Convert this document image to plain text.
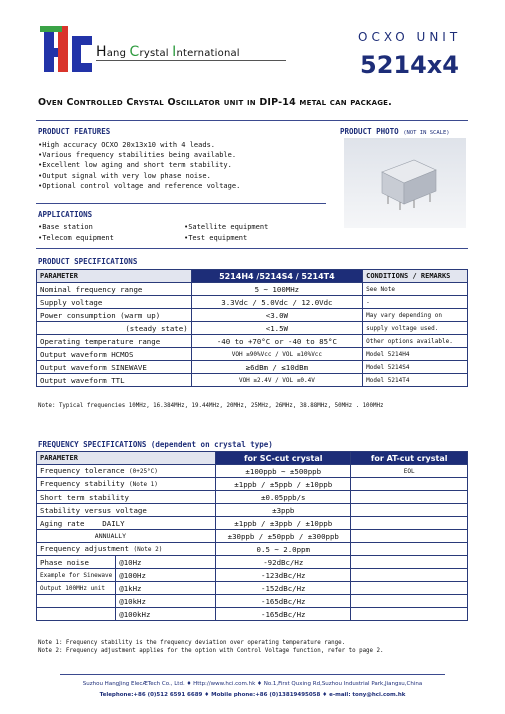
Hang Crystal International
OCXO UNIT
5214x4
Oven Controlled Crystal Oscillator unit in DIP-14 metal can package.
PRODUCT FEATURES	PRODUCT PHOTO (NOT IN SCALE)
• High accuracy OCXO 20x13x10 with 4 leads.
• Various frequency stabilities being available.
• Excellent low aging and short term stability.
• Output signal with very low phase noise.
• Optional control voltage and reference voltage.
APPLICATIONS
• Base station
• Telecom equipment
• Satellite equipment
• Test equipment
PRODUCT SPECIFICATIONS
PARAMETER	5214H4 /5214S4 / 5214T4	CONDITIONS / REMARKS
Nominal frequency range	5 ~ 100MHz	See Note
Supply voltage	3.3Vdc / 5.0Vdc / 12.0Vdc	-
Power consumption (warm up)	<3.0W	May vary depending on
(steady state)	<1.5W	supply voltage used.
Operating temperature range	-40 to +70°C or -40 to 85°C	Other options available.
Output waveform HCMOS	VOH ≥90%Vcc / VOL ≤10%Vcc	Model 5214H4
Output waveform SINEWAVE	≥6dBm / ≤10dBm	Model 5214S4
Output waveform TTL	VOH ≥2.4V / VOL ≤0.4V	Model 5214T4
Note: Typical frequencies 10MHz, 16.384MHz, 19.44MHz, 20MHz, 25MHz, 26MHz, 38.88MHz, 50MHz . 100MHz
FREQUENCY SPECIFICATIONS (dependent on crystal type)
PARAMETER		for SC-cut crystal	for AT-cut crystal
Frequency tolerance (0+25°C)		±100ppb ~ ±500ppb	EOL
Frequency stability (Note 1)		±1ppb / ±5ppb / ±10ppb	
Short term stability		±0.05ppb/s	
Stability versus voltage		±3ppb	
Aging rate    DAILY		±1ppb / ±3ppb / ±10ppb	
ANNUALLY		±30ppb / ±50ppb / ±300ppb	
Frequency adjustment (Note 2)		0.5 ~ 2.0ppm	
Phase noise	@10Hz	-92dBc/Hz	
Example for Sinewave	@100Hz	-123dBc/Hz	
Output 100MHz unit	@1kHz	-152dBc/Hz	
	@10kHz	-165dBc/Hz	
	@100kHz	-165dBc/Hz	
Note 1: Frequency stability is the frequency deviation over operating temperature range.
Note 2: Frequency adjustment applies for the option with Control Voltage function, refer to page 2.
Suzhou HangJing ElecÆTech Co., Ltd. ♦ Http://www.hci.com.hk ♦ No.1,First Quxing Rd,Suzhou Industrial Park,Jiangsu,China
Telephone:+86 (0)512 6591 6689 ♦ Mobile phone:+86 (0)13819495058 ♦ e-mail: tony@hci.com.hk
